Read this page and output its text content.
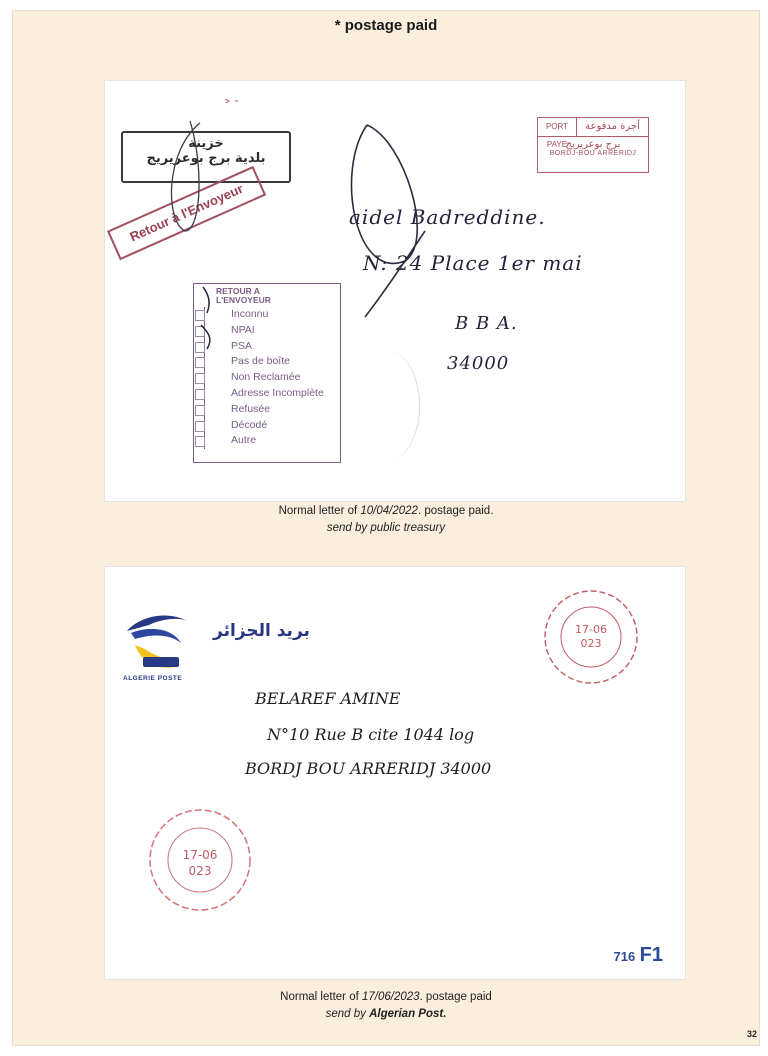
* postage paid
خزينة
بلدية برج بوعريريج
Retour à l'Envoyeur
PORT PAYE
أجرة مدفوعة
برج بوعريريج
BORDJ-BOU ARRERIDJ
RETOUR A
L'ENVOYEUR
Inconnu
NPAI
PSA
Pas de boîte
Non Reclamée
Adresse Incomplète
Refusée
Décodé
Autre
aidel Badreddine.
N: 24 Place 1er mai
B B A.
34000
Normal letter of 10/04/2022. postage paid.
send by public treasury
ALGERIE POSTE
بريد الجزائر
BELAREF AMINE
N°10 Rue B cite 1044 log
BORDJ BOU ARRERIDJ 34000
17-06
023
17-06
023
716 F1
Normal letter of 17/06/2023. postage paid
send by Algerian Post.
32
